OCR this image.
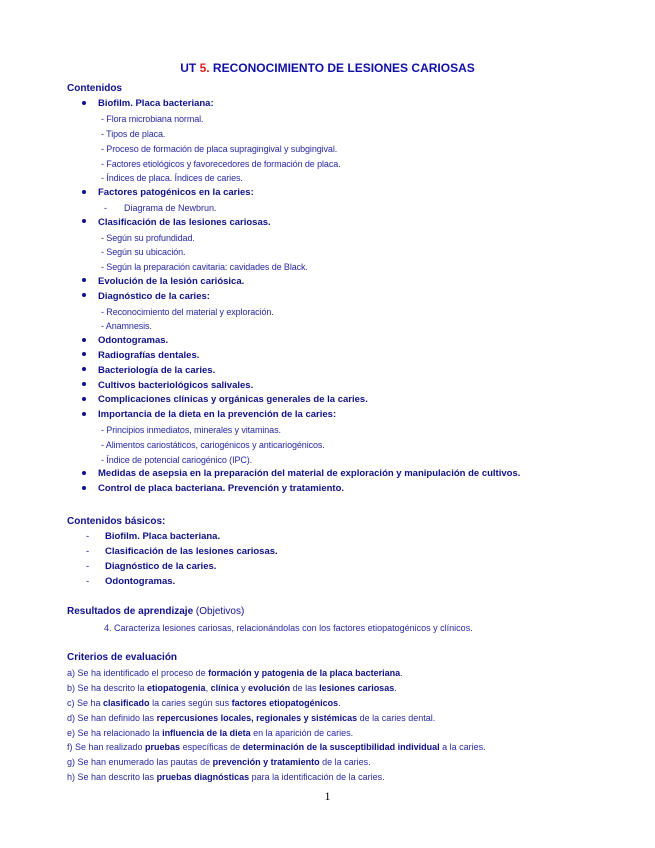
UT 5. RECONOCIMIENTO DE LESIONES CARIOSAS
Contenidos
Biofilm. Placa bacteriana:
- Flora microbiana normal.
- Tipos de placa.
- Proceso de formación de placa supragingival y subgingival.
- Factores etiológicos y favorecedores de formación de placa.
- Índices de placa. Índices de caries.
Factores patogénicos en la caries:
- Diagrama de Newbrun.
Clasificación de las lesiones cariosas.
- Según su profundidad.
- Según su ubicación.
- Según la preparación cavitaria: cavidades de Black.
Evolución de la lesión cariósica.
Diagnóstico de la caries:
- Reconocimiento del material y exploración.
- Anamnesis.
Odontogramas.
Radiografías dentales.
Bacteriología de la caries.
Cultivos bacteriológicos salivales.
Complicaciones clínicas y orgánicas generales de la caries.
Importancia de la dieta en la prevención de la caries:
- Principios inmediatos, minerales y vitaminas.
- Alimentos cariostáticos, cariogénicos y anticariogénicos.
- Índice de potencial cariogénico (IPC).
Medidas de asepsia en la preparación del material de exploración y manipulación de cultivos.
Control de placa bacteriana. Prevención y tratamiento.
Contenidos básicos:
- Biofilm. Placa bacteriana.
- Clasificación de las lesiones cariosas.
- Diagnóstico de la caries.
- Odontogramas.
Resultados de aprendizaje (Objetivos)
4. Caracteriza lesiones cariosas, relacionándolas con los factores etiopatogénicos y clínicos.
Criterios de evaluación
a) Se ha identificado el proceso de formación y patogenia de la placa bacteriana.
b) Se ha descrito la etiopatogenia, clínica y evolución de las lesiones cariosas.
c) Se ha clasificado la caries según sus factores etiopatogénicos.
d) Se han definido las repercusiones locales, regionales y sistémicas de la caries dental.
e) Se ha relacionado la influencia de la dieta en la aparición de caries.
f) Se han realizado pruebas específicas de determinación de la susceptibilidad individual a la caries.
g) Se han enumerado las pautas de prevención y tratamiento de la caries.
h) Se han descrito las pruebas diagnósticas para la identificación de la caries.
1
